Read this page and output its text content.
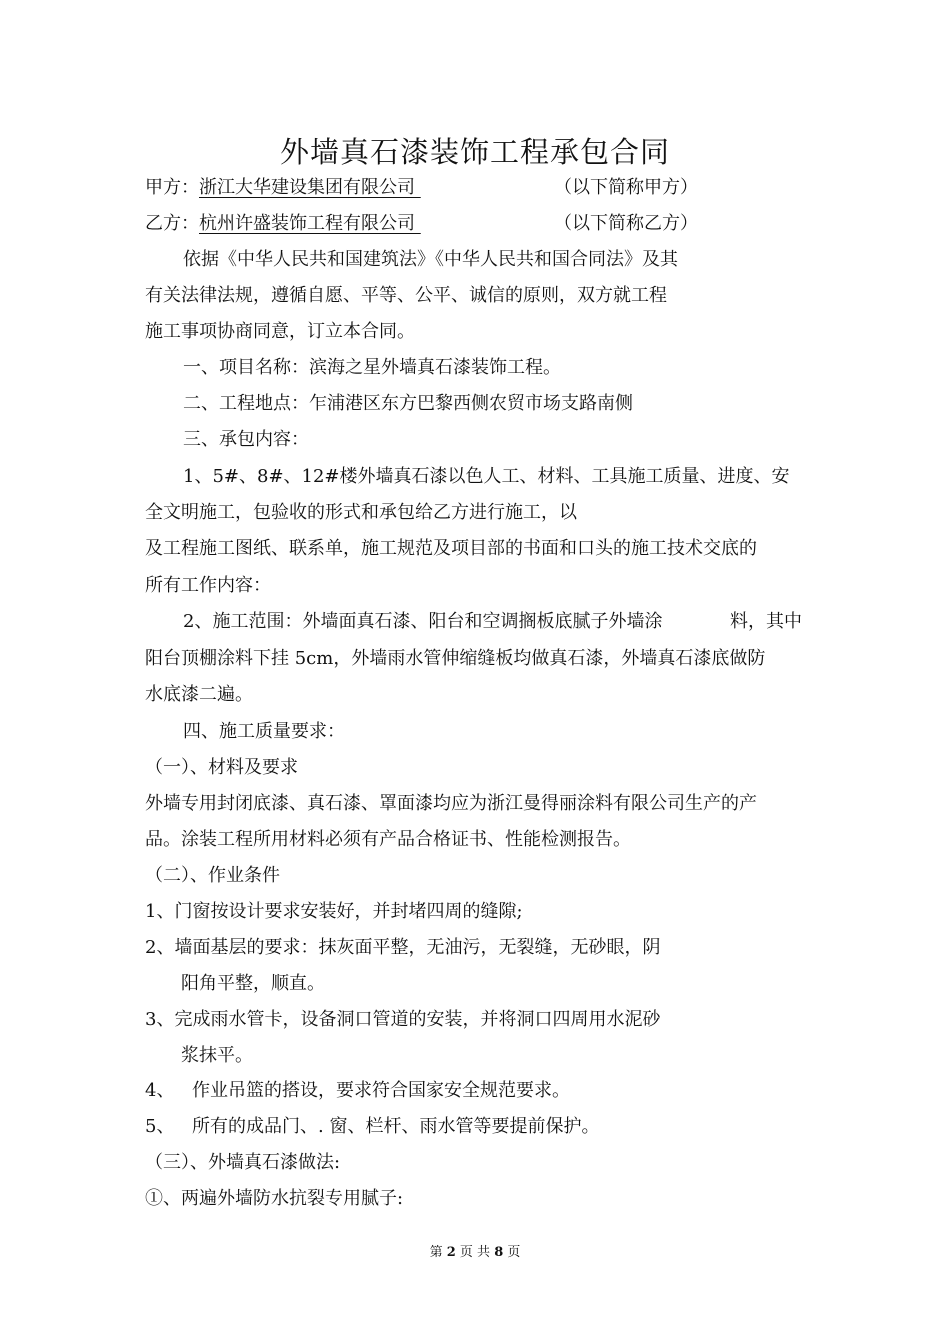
外墙真石漆装饰工程承包合同
甲方：浙江大华建设集团有限公司	（以下简称甲方）
乙方：杭州许盛装饰工程有限公司	（以下简称乙方）
依据《中华人民共和国建筑法》《中华人民共和国合同法》及其
有关法律法规，遵循自愿、平等、公平、诚信的原则，双方就工程
施工事项协商同意，订立本合同。
一、项目名称：滨海之星外墙真石漆装饰工程。
二、工程地点：乍浦港区东方巴黎西侧农贸市场支路南侧
三、承包内容：
1、5#、8#、12#楼外墙真石漆以色人工、材料、工具施工质量、进度、安
全文明施工，包验收的形式和承包给乙方进行施工，以
及工程施工图纸、联系单，施工规范及项目部的书面和口头的施工技术交底的
所有工作内容：
2、施工范围：外墙面真石漆、阳台和空调搁板底腻子外墙涂	料，其中
阳台顶棚涂料下挂 5cm，外墙雨水管伸缩缝板均做真石漆，外墙真石漆底做防
水底漆二遍。
四、施工质量要求：
（一）、材料及要求
外墙专用封闭底漆、真石漆、罩面漆均应为浙江曼得丽涂料有限公司生产的产
品。涂装工程所用材料必须有产品合格证书、性能检测报告。
（二）、作业条件
1、门窗按设计要求安装好，并封堵四周的缝隙;
2、墙面基层的要求：抹灰面平整，无油污，无裂缝，无砂眼，阴
阳角平整，顺直。
3、完成雨水管卡，设备洞口管道的安装，并将洞口四周用水泥砂
浆抹平。
4、 作业吊篮的搭设，要求符合国家安全规范要求。
5、 所有的成品门、. 窗、栏杆、雨水管等要提前保护。
（三）、外墙真石漆做法:
①、两遍外墙防水抗裂专用腻子:
第 2 页 共 8 页
